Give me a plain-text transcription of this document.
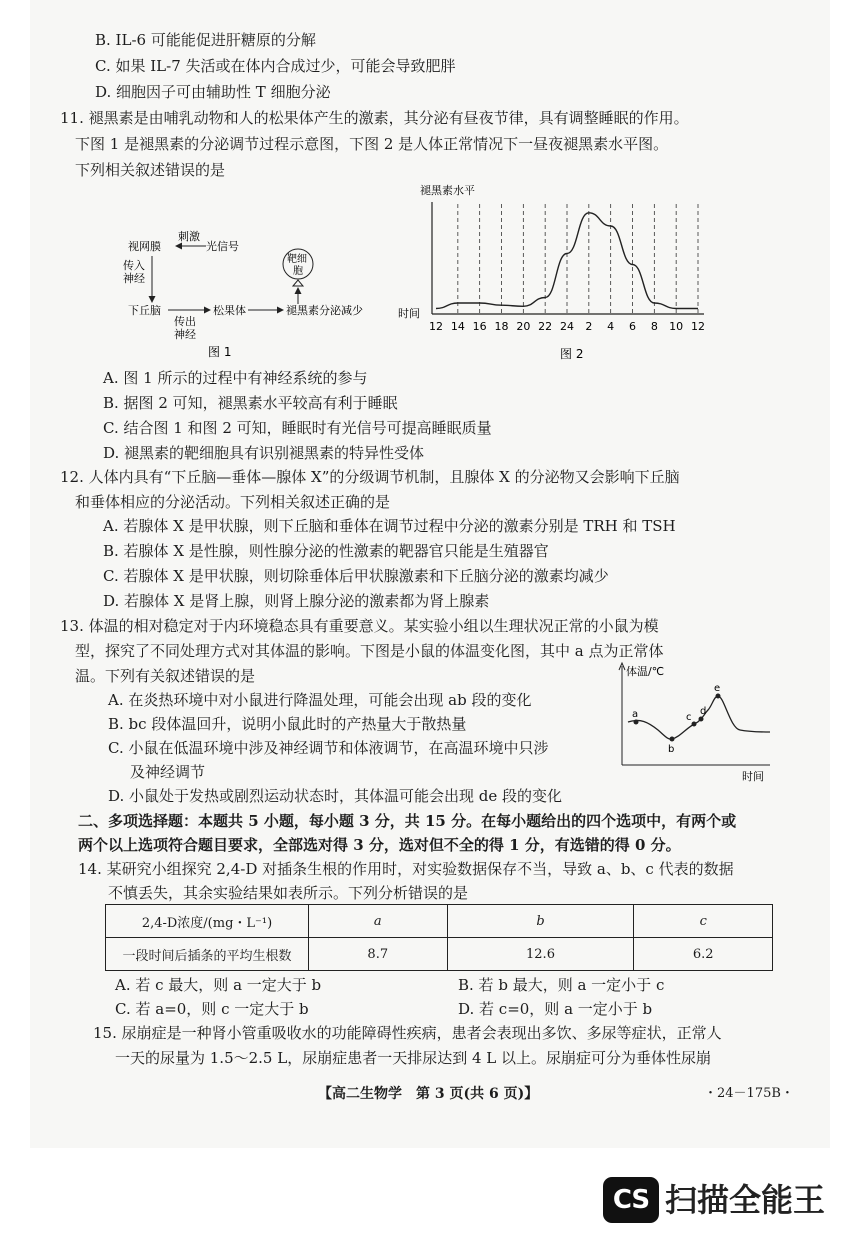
B. IL-6 可能能促进肝糖原的分解
C. 如果 IL-7 失活或在体内合成过少，可能会导致肥胖
D. 细胞因子可由辅助性 T 细胞分泌
11. 褪黑素是由哺乳动物和人的松果体产生的激素，其分泌有昼夜节律，具有调整睡眠的作用。
下图 1 是褪黑素的分泌调节过程示意图，下图 2 是人体正常情况下一昼夜褪黑素水平图。
下列相关叙述错误的是
A. 图 1 所示的过程中有神经系统的参与
B. 据图 2 可知，褪黑素水平较高有利于睡眠
C. 结合图 1 和图 2 可知，睡眠时有光信号可提高睡眠质量
D. 褪黑素的靶细胞具有识别褪黑素的特异性受体
12. 人体内具有“下丘脑—垂体—腺体 X”的分级调节机制，且腺体 X 的分泌物又会影响下丘脑
和垂体相应的分泌活动。下列相关叙述正确的是
A. 若腺体 X 是甲状腺，则下丘脑和垂体在调节过程中分泌的激素分别是 TRH 和 TSH
B. 若腺体 X 是性腺，则性腺分泌的性激素的靶器官只能是生殖器官
C. 若腺体 X 是甲状腺，则切除垂体后甲状腺激素和下丘脑分泌的激素均减少
D. 若腺体 X 是肾上腺，则肾上腺分泌的激素都为肾上腺素
13. 体温的相对稳定对于内环境稳态具有重要意义。某实验小组以生理状况正常的小鼠为模
型，探究了不同处理方式对其体温的影响。下图是小鼠的体温变化图，其中 a 点为正常体
温。下列有关叙述错误的是
A. 在炎热环境中对小鼠进行降温处理，可能会出现 ab 段的变化
B. bc 段体温回升，说明小鼠此时的产热量大于散热量
C. 小鼠在低温环境中涉及神经调节和体液调节，在高温环境中只涉
及神经调节
D. 小鼠处于发热或剧烈运动状态时，其体温可能会出现 de 段的变化
二、多项选择题：本题共 5 小题，每小题 3 分，共 15 分。在每小题给出的四个选项中，有两个或
两个以上选项符合题目要求，全部选对得 3 分，选对但不全的得 1 分，有选错的得 0 分。
14. 某研究小组探究 2,4-D 对插条生根的作用时，对实验数据保存不当，导致 a、b、c 代表的数据
不慎丢失，其余实验结果如表所示。下列分析错误的是
A. 若 c 最大，则 a 一定大于 b	B. 若 b 最大，则 a 一定小于 c
C. 若 a=0，则 c 一定大于 b	D. 若 c=0，则 a 一定小于 b
15. 尿崩症是一种肾小管重吸收水的功能障碍性疾病，患者会表现出多饮、多尿等症状，正常人
一天的尿量为 1.5～2.5 L，尿崩症患者一天排尿达到 4 L 以上。尿崩症可分为垂体性尿崩
刺激
视网膜	光信号
传入
神经
下丘脑
传出
神经
松果体	褪黑素分泌减少
靶细
胞
图 1
12 14 16 18 20 22 24 2 4 6 8 10 12
褪黑素水平
时间
图 2
体温/℃
时间
a
b
c
d
e
2,4-D浓度/(mg・L⁻¹)	a	b	c
一段时间后插条的平均生根数	8.7	12.6	6.2
【高二生物学　第 3 页(共 6 页)】	・24－175B・
CS 扫描全能王
